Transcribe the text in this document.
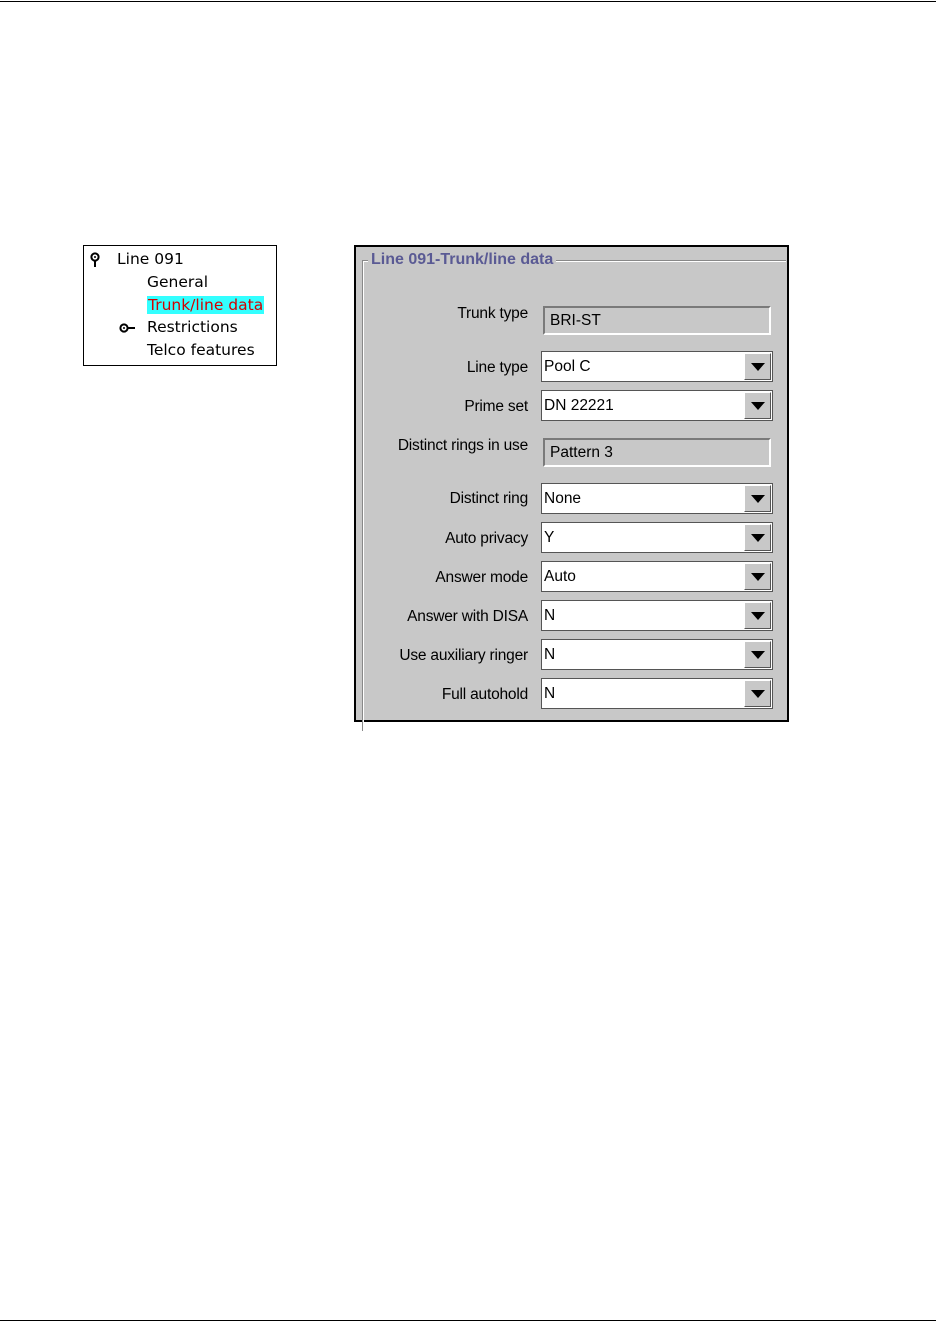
Line 091
General
Trunk/line data
Restrictions
Telco features
Line 091-Trunk/line data
Trunk type	BRI-ST
Line type Pool C
Prime set DN 22221
Distinct rings in use	Pattern 3
Distinct ring None
Auto privacy Y
Answer mode Auto
Answer with DISA N
Use auxiliary ringer N
Full autohold N
